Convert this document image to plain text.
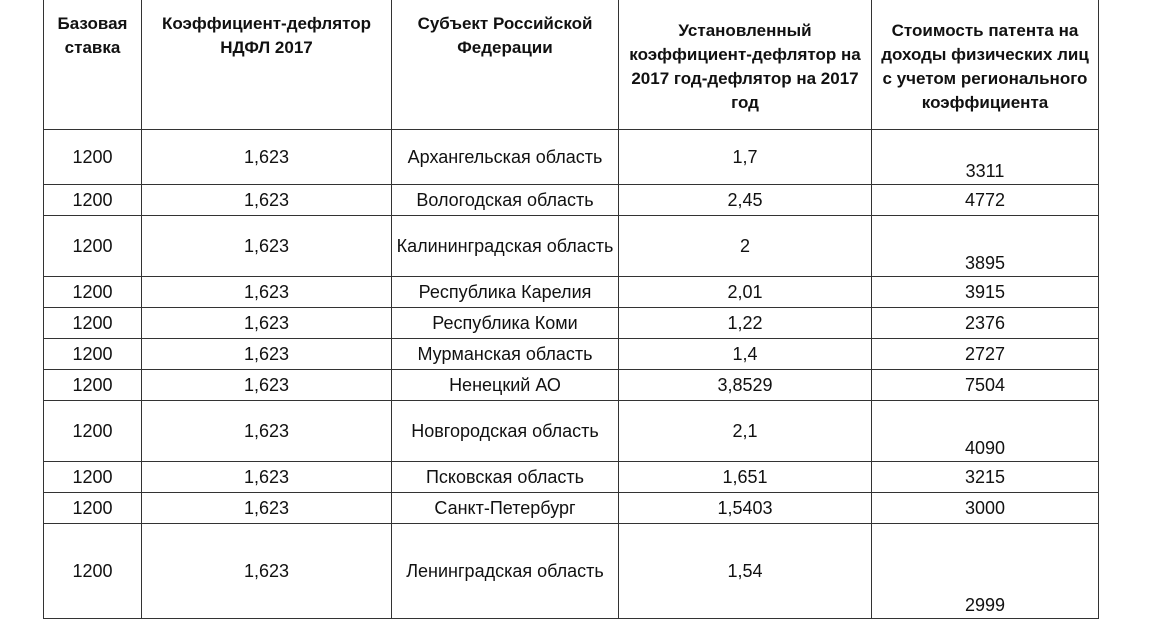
Базовая ставка	Коэффициент-дефлятор НДФЛ 2017	Субъект Российской Федерации	Установленный коэффициент-дефлятор на 2017 год-дефлятор на 2017 год	Стоимость патента на доходы физических лиц с учетом регионального коэффициента
1200	1,623	Архангельская область	1,7	3311

1200	1,623	Вологодская область	2,45	4772

1200	1,623	Калининградская область	2	3895

1200	1,623	Республика Карелия	2,01	3915

1200	1,623	Республика Коми	1,22	2376

1200	1,623	Мурманская область	1,4	2727

1200	1,623	Ненецкий АО	3,8529	7504

1200	1,623	Новгородская область	2,1	4090

1200	1,623	Псковская область	1,651	3215

1200	1,623	Санкт-Петербург	1,5403	3000

1200	1,623	Ленинградская область	1,54	2999
